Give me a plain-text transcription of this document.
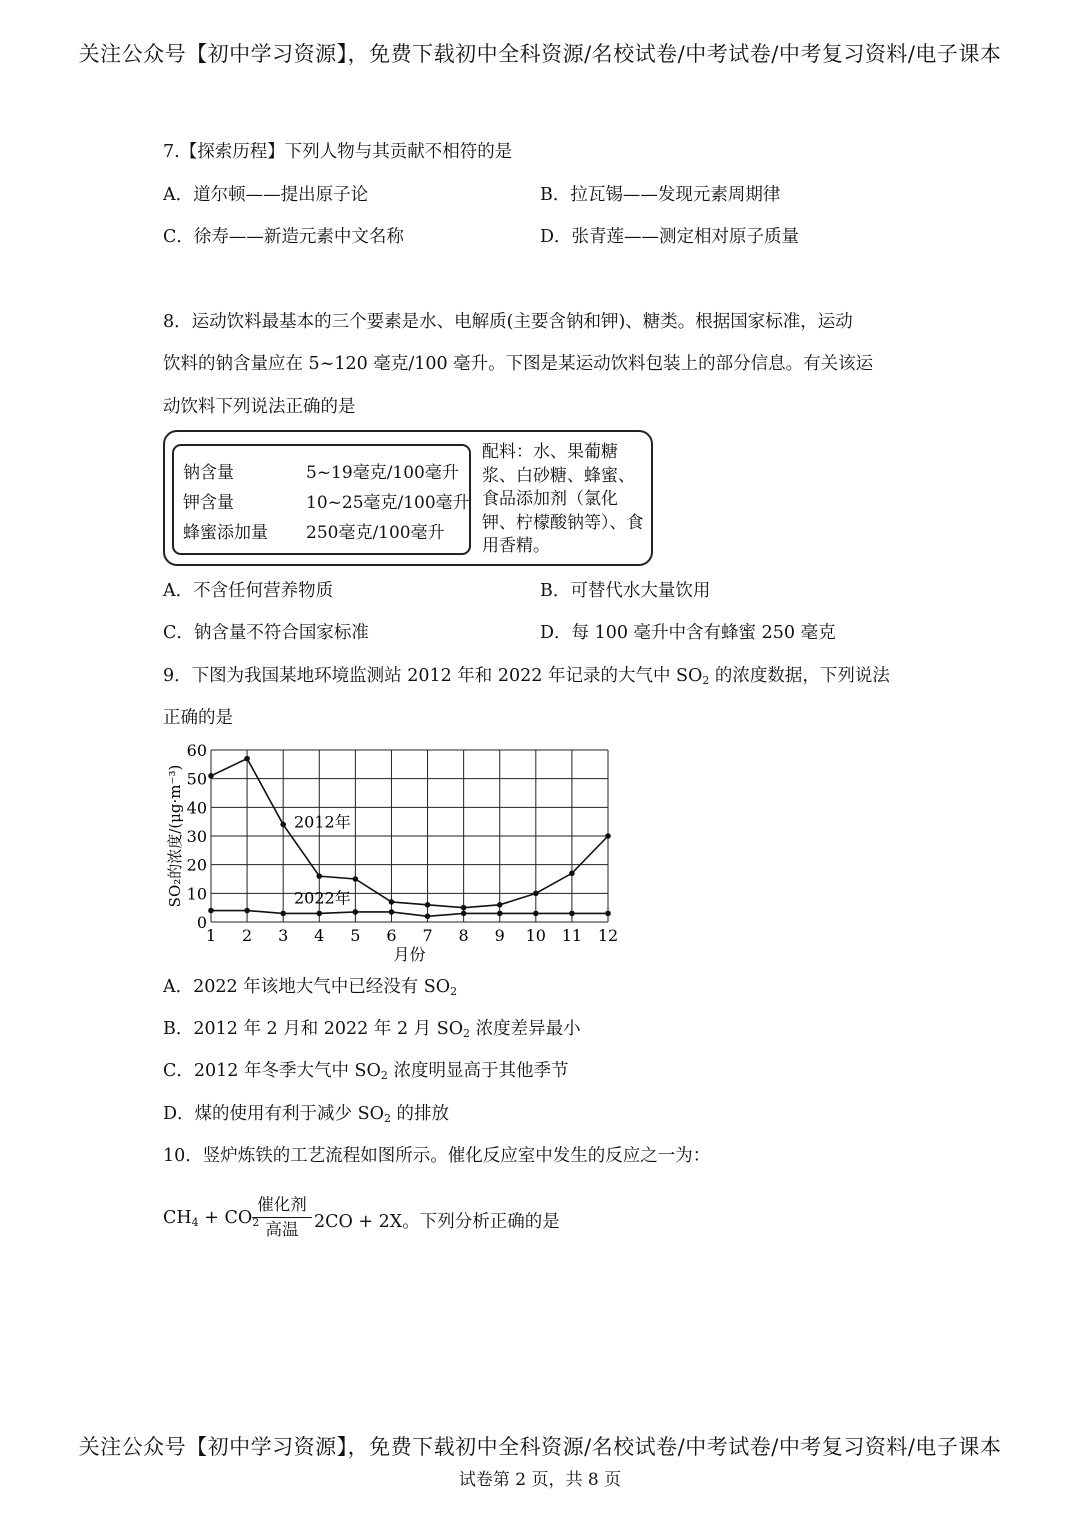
关注公众号【初中学习资源】，免费下载初中全科资源/名校试卷/中考试卷/中考复习资料/电子课本
7.【探索历程】下列人物与其贡献不相符的是
A．道尔顿——提出原子论	B．拉瓦锡——发现元素周期律
C．徐寿——新造元素中文名称	D．张青莲——测定相对原子质量
8．运动饮料最基本的三个要素是水、电解质(主要含钠和钾)、糖类。根据国家标准，运动
饮料的钠含量应在 5~120 毫克/100 毫升。下图是某运动饮料包装上的部分信息。有关该运
动饮料下列说法正确的是
钠含量	5~19毫克/100毫升
钾含量	10~25毫克/100毫升
蜂蜜添加量 250毫克/100毫升
配料：水、果葡糖浆、白砂糖、蜂蜜、食品添加剂（氯化钾、柠檬酸钠等）、食用香精。
A．不含任何营养物质	B．可替代水大量饮用
C．钠含量不符合国家标准	D．每 100 毫升中含有蜂蜜 250 毫克
9．下图为我国某地环境监测站 2012 年和 2022 年记录的大气中 $SO_2$ 的浓度数据，下列说法
正确的是
0
10
20
30
40
50
60
1 2 3 4 5 6 7 8 9 10 11 12
月份
SO₂的浓度/(μg·m⁻³)	2012年
2022年
A．2022 年该地大气中已经没有 $SO_2$
B．2012 年 2 月和 2022 年 2 月 $SO_2$ 浓度差异最小
C．2012 年冬季大气中 $SO_2$ 浓度明显高于其他季节
D．煤的使用有利于减少 $SO_2$ 的排放
10．竖炉炼铁的工艺流程如图所示。催化反应室中发生的反应之一为：
$CH_4 + CO_2$
催化剂
高温 2CO + 2X。下列分析正确的是
关注公众号【初中学习资源】，免费下载初中全科资源/名校试卷/中考试卷/中考复习资料/电子课本
试卷第 2 页，共 8 页
